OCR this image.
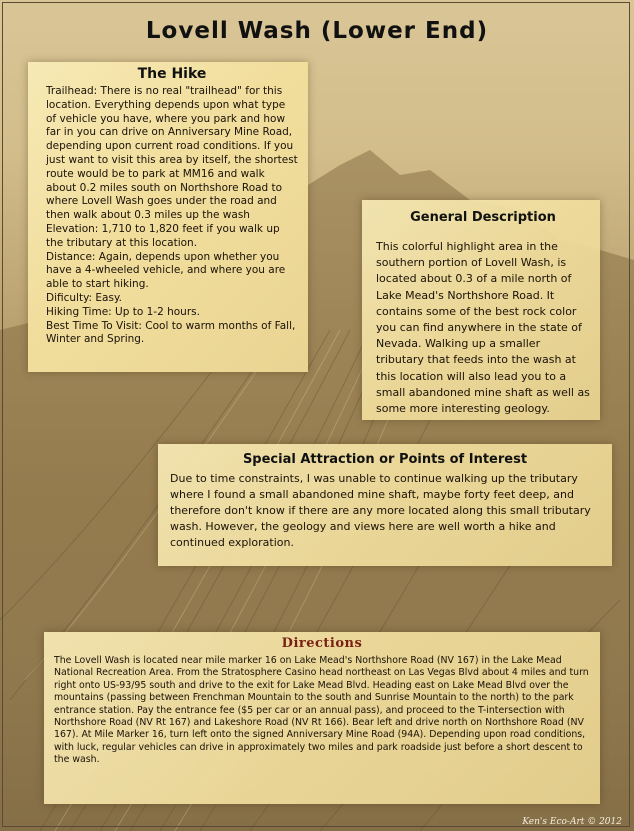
Lovell Wash (Lower End)
The Hike

Trailhead: There is no real "trailhead" for this location. Everything depends upon what type of vehicle you have, where you park and how far in you can drive on Anniversary Mine Road, depending upon current road conditions. If you just want to visit this area by itself, the shortest route would be to park at MM16 and walk about 0.2 miles south on Northshore Road to where Lovell Wash goes under the road and then walk about 0.3 miles up the wash

Elevation: 1,710 to 1,820 feet if you walk up the tributary at this location.

Distance: Again, depends upon whether you have a 4-wheeled vehicle, and where you are able to start hiking.

Dificulty: Easy.

Hiking Time: Up to 1-2 hours.

Best Time To Visit: Cool to warm months of Fall, Winter and Spring.

General Description

This colorful highlight area in the southern portion of Lovell Wash, is located about 0.3 of a mile north of Lake Mead's Northshore Road. It contains some of the best rock color you can find anywhere in the state of Nevada. Walking up a smaller tributary that feeds into the wash at this location will also lead you to a small abandoned mine shaft as well as some more interesting geology.

Special Attraction or Points of Interest

Due to time constraints, I was unable to continue walking up the tributary where I found a small abandoned mine shaft, maybe forty feet deep, and therefore don't know if there are any more located along this small tributary wash. However, the geology and views here are well worth a hike and continued exploration.

Directions

The Lovell Wash is located near mile marker 16 on Lake Mead's Northshore Road (NV 167) in the Lake Mead National Recreation Area. From the Stratosphere Casino head northeast on Las Vegas Blvd about 4 miles and turn right onto US-93/95 south and drive to the exit for Lake Mead Blvd. Heading east on Lake Mead Blvd over the mountains (passing between Frenchman Mountain to the south and Sunrise Mountain to the north) to the park entrance station. Pay the entrance fee ($5 per car or an annual pass), and proceed to the T-intersection with Northshore Road (NV Rt 167) and Lakeshore Road (NV Rt 166). Bear left and drive north on Northshore Road (NV 167). At Mile Marker 16, turn left onto the signed Anniversary Mine Road (94A). Depending upon road conditions, with luck, regular vehicles can drive in approximately two miles and park roadside just before a short descent to the wash.

Ken's Eco-Art © 2012
